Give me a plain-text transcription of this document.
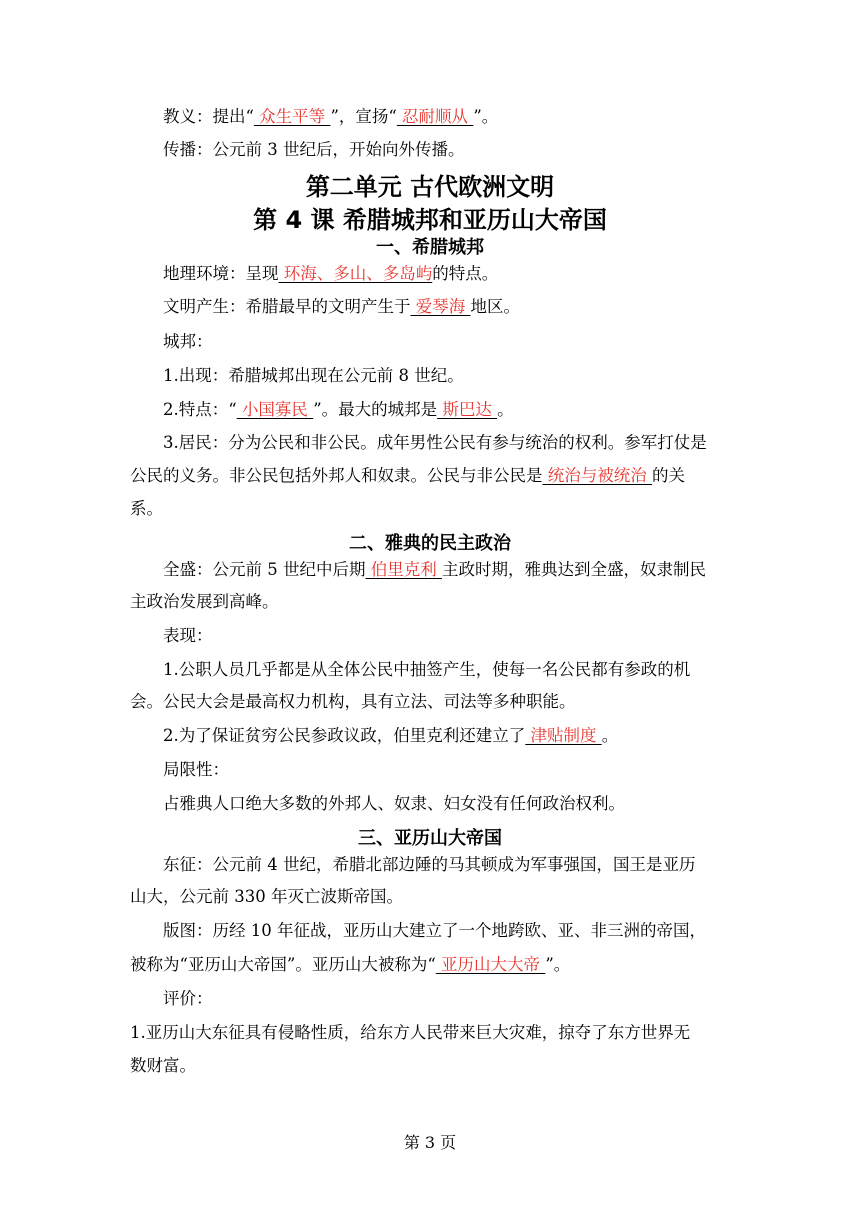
教义：提出“ 众生平等 ”，宣扬“ 忍耐顺从 ”。
传播：公元前 3 世纪后，开始向外传播。
第二单元 古代欧洲文明
第 4 课 希腊城邦和亚历山大帝国
一、希腊城邦
地理环境：呈现 环海、多山、多岛屿的特点。
文明产生：希腊最早的文明产生于 爱琴海 地区。
城邦：
1.出现：希腊城邦出现在公元前 8 世纪。
2.特点：“ 小国寡民 ”。最大的城邦是 斯巴达 。
3.居民：分为公民和非公民。成年男性公民有参与统治的权利。参军打仗是
公民的义务。非公民包括外邦人和奴隶。公民与非公民是 统治与被统治 的关
系。
二、雅典的民主政治
全盛：公元前 5 世纪中后期 伯里克利 主政时期，雅典达到全盛，奴隶制民
主政治发展到高峰。
表现：
1.公职人员几乎都是从全体公民中抽签产生，使每一名公民都有参政的机
会。公民大会是最高权力机构，具有立法、司法等多种职能。
2.为了保证贫穷公民参政议政，伯里克利还建立了 津贴制度 。
局限性：
占雅典人口绝大多数的外邦人、奴隶、妇女没有任何政治权利。
三、亚历山大帝国
东征：公元前 4 世纪，希腊北部边陲的马其顿成为军事强国，国王是亚历
山大，公元前 330 年灭亡波斯帝国。
版图：历经 10 年征战，亚历山大建立了一个地跨欧、亚、非三洲的帝国，
被称为“亚历山大帝国”。亚历山大被称为“ 亚历山大大帝 ”。
评价：
1.亚历山大东征具有侵略性质，给东方人民带来巨大灾难，掠夺了东方世界无
数财富。
第 3 页
